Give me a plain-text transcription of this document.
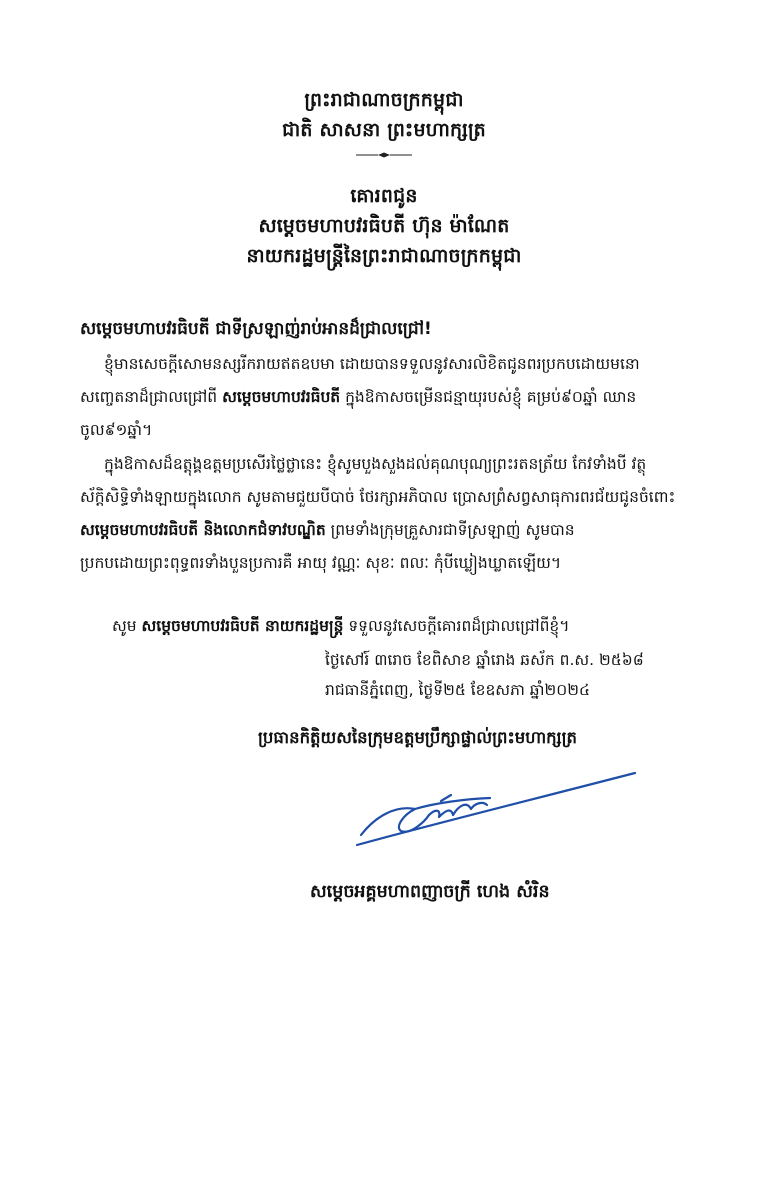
ព្រះរាជាណាចក្រកម្ពុជា
ជាតិ សាសនា ព្រះមហាក្សត្រ
គោរពជូន
សម្តេចមហាបវរធិបតី ហ៊ុន ម៉ាណែត
នាយករដ្ឋមន្ត្រីនៃព្រះរាជាណាចក្រកម្ពុជា
សម្តេចមហាបវរធិបតី ជាទីស្រឡាញ់រាប់អានដ៏ជ្រាលជ្រៅ!
ខ្ញុំមានសេចក្តីសោមនស្សរីករាយឥតឧបមា ដោយបានទទួលនូវសារលិខិតជូនពរប្រកបដោយមនោ
សញ្ចេតនាដ៏ជ្រាលជ្រៅពី សម្តេចមហាបវរធិបតី ក្នុងឱកាសចម្រើនជន្មាយុរបស់ខ្ញុំ គម្រប់៩០ឆ្នាំ ឈាន
ចូល៩១ឆ្នាំ។
ក្នុងឱកាសដ៏ឧត្តុង្គឧត្តមប្រសើរថ្លៃថ្លានេះ ខ្ញុំសូមបួងសួងដល់គុណបុណ្យព្រះរតនត្រ័យ កែវទាំងបី វត្ថុ
ស័ក្តិសិទ្ធិទាំងឡាយក្នុងលោក សូមតាមជួយបីបាច់ ថែរក្សាអភិបាល ប្រោសព្រំសព្វសាធុការពរជ័យជូនចំពោះ
សម្តេចមហាបវរធិបតី និងលោកជំទាវបណ្ឌិត ព្រមទាំងក្រុមគ្រួសារជាទីស្រឡាញ់ សូមបាន
ប្រកបដោយព្រះពុទ្ធពរទាំងបួនប្រការគឺ អាយុ វណ្ណៈ សុខៈ ពលៈ កុំបីឃ្លៀងឃ្លាតឡើយ។
សូម សម្តេចមហាបវរធិបតី នាយករដ្ឋមន្ត្រី ទទួលនូវសេចក្តីគោរពដ៏ជ្រាលជ្រៅពីខ្ញុំ។
ថ្ងៃសៅរ៍ ៣រោច ខែពិសាខ ឆ្នាំរោង ឆស័ក ព.ស. ២៥៦៨
រាជធានីភ្នំពេញ, ថ្ងៃទី២៥ ខែឧសភា ឆ្នាំ២០២៤
ប្រធានកិត្តិយសនៃក្រុមឧត្តមប្រឹក្សាផ្ទាល់ព្រះមហាក្សត្រ
សម្តេចអគ្គមហាពញាចក្រី ហេង សំរិន
